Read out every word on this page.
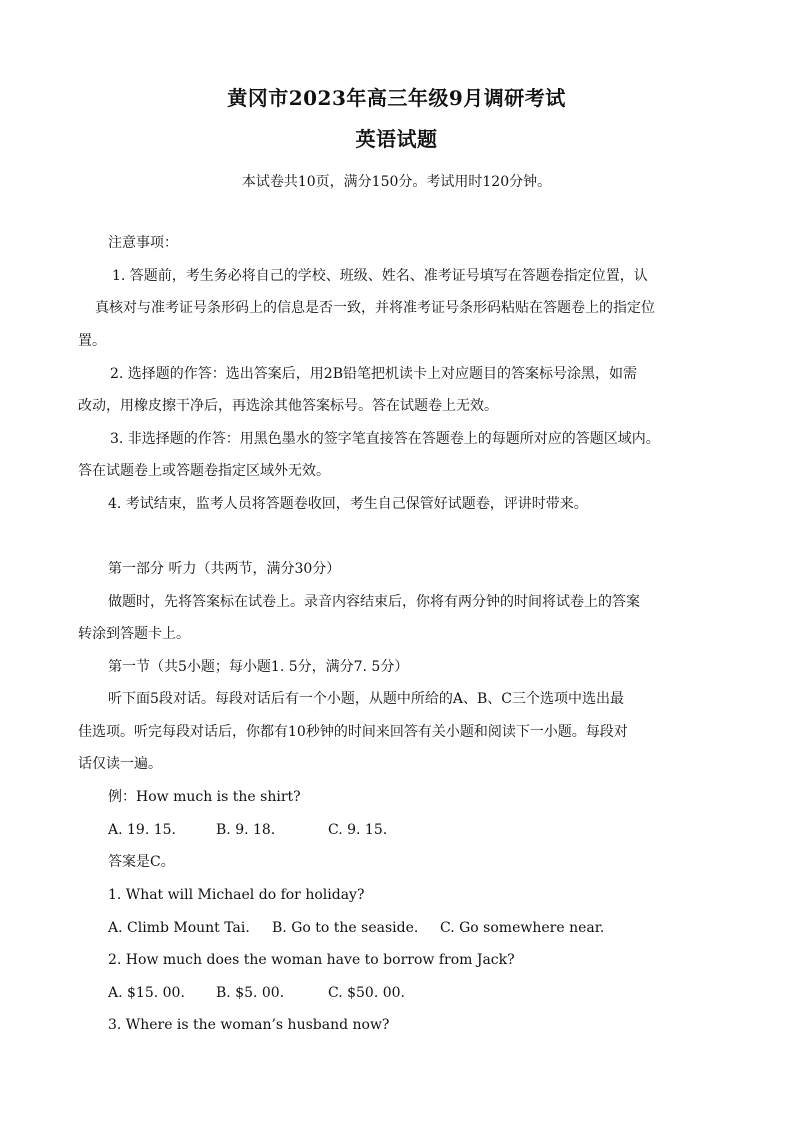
黄冈市2023年高三年级9月调研考试
英语试题
本试卷共10页，满分150分。考试用时120分钟。
注意事项：
1. 答题前，考生务必将自己的学校、班级、姓名、准考证号填写在答题卷指定位置，认
真核对与准考证号条形码上的信息是否一致，并将准考证号条形码粘贴在答题卷上的指定位
置。
2. 选择题的作答：选出答案后，用2B铅笔把机读卡上对应题目的答案标号涂黑，如需
改动，用橡皮擦干净后，再选涂其他答案标号。答在试题卷上无效。
3. 非选择题的作答：用黑色墨水的签字笔直接答在答题卷上的每题所对应的答题区域内。
答在试题卷上或答题卷指定区域外无效。
4. 考试结束，监考人员将答题卷收回，考生自己保管好试题卷，评讲时带来。
第一部分 听力（共两节，满分30分）
做题时，先将答案标在试卷上。录音内容结束后，你将有两分钟的时间将试卷上的答案
转涂到答题卡上。
第一节（共5小题；每小题1. 5分，满分7. 5分）
听下面5段对话。每段对话后有一个小题，从题中所给的A、B、C三个选项中选出最
佳选项。听完每段对话后，你都有10秒钟的时间来回答有关小题和阅读下一小题。每段对
话仅读一遍。
例：How much is the shirt?
A. 19. 15.	B. 9. 18.	C. 9. 15.
答案是C。
1. What will Michael do for holiday?
A. Climb Mount Tai.	B. Go to the seaside.	C. Go somewhere near.
2. How much does the woman have to borrow from Jack?
A. $15. 00.	B. $5. 00.	C. $50. 00.
3. Where is the woman’s husband now?
